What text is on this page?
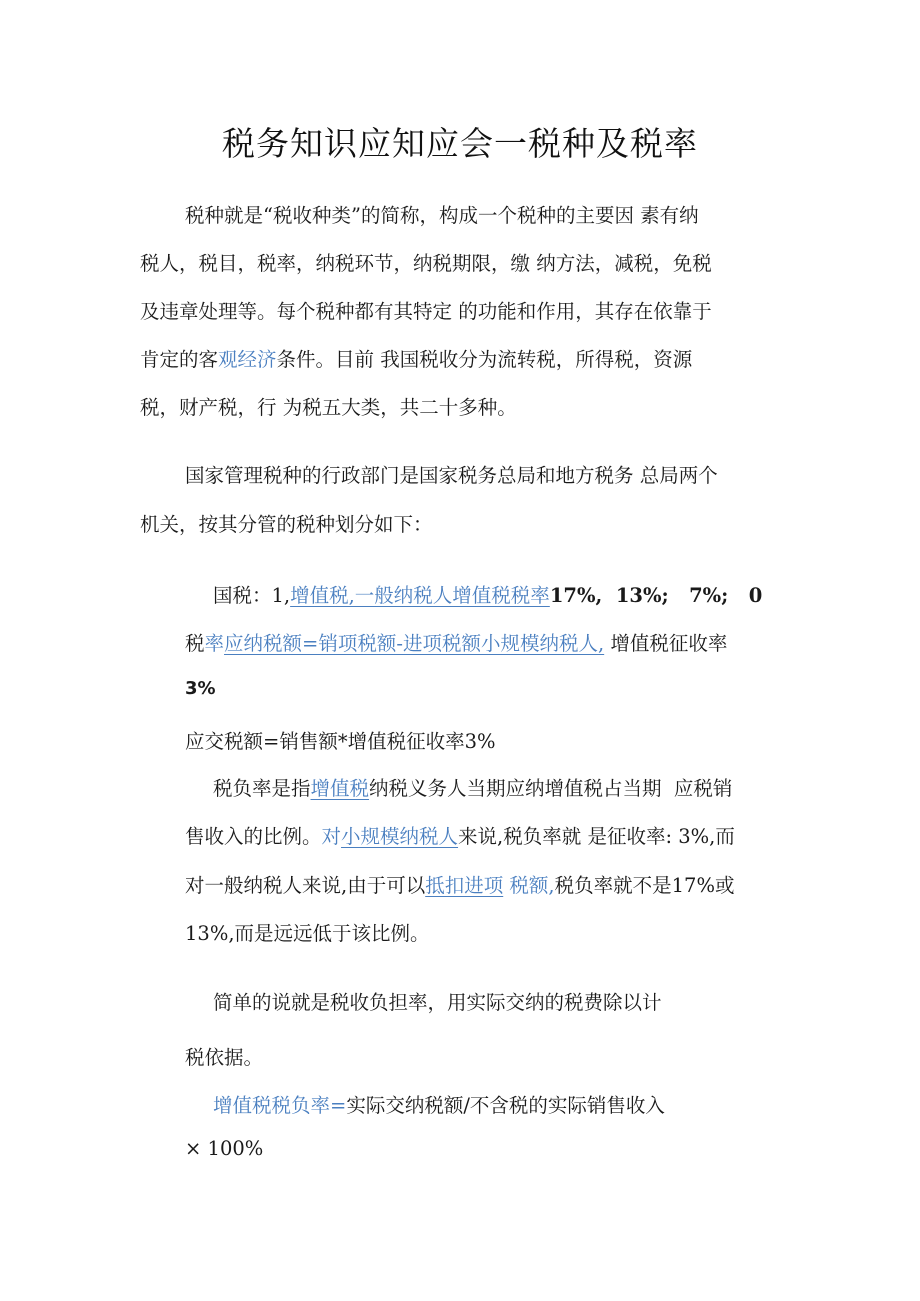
税务知识应知应会一税种及税率
税种就是“税收种类”的简称，构成一个税种的主要因 素有纳
税人，税目，税率，纳税环节，纳税期限，缴 纳方法，减税，免税
及违章处理等。每个税种都有其特定 的功能和作用，其存在依靠于
肯定的客观经济条件。目前 我国税收分为流转税，所得税，资源
税，财产税，行 为税五大类，共二十多种。
国家管理税种的行政部门是国家税务总局和地方税务 总局两个
机关，按其分管的税种划分如下：
国税：1,增值税,一般纳税人增值税税率17%,  13%;   7%;   0
税率应纳税额=销项税额-进项税额小规模纳税人, 增值税征收率
3%
应交税额=销售额*增值税征收率3%
税负率是指增值税纳税义务人当期应纳增值税占当期  应税销
售收入的比例。对小规模纳税人来说,税负率就 是征收率: 3%,而
对一般纳税人来说,由于可以抵扣进项 税额,税负率就不是17%或
13%,而是远远低于该比例。
简单的说就是税收负担率，用实际交纳的税费除以计
税依据。
增值税税负率=实际交纳税额/不含税的实际销售收入
× 100%
